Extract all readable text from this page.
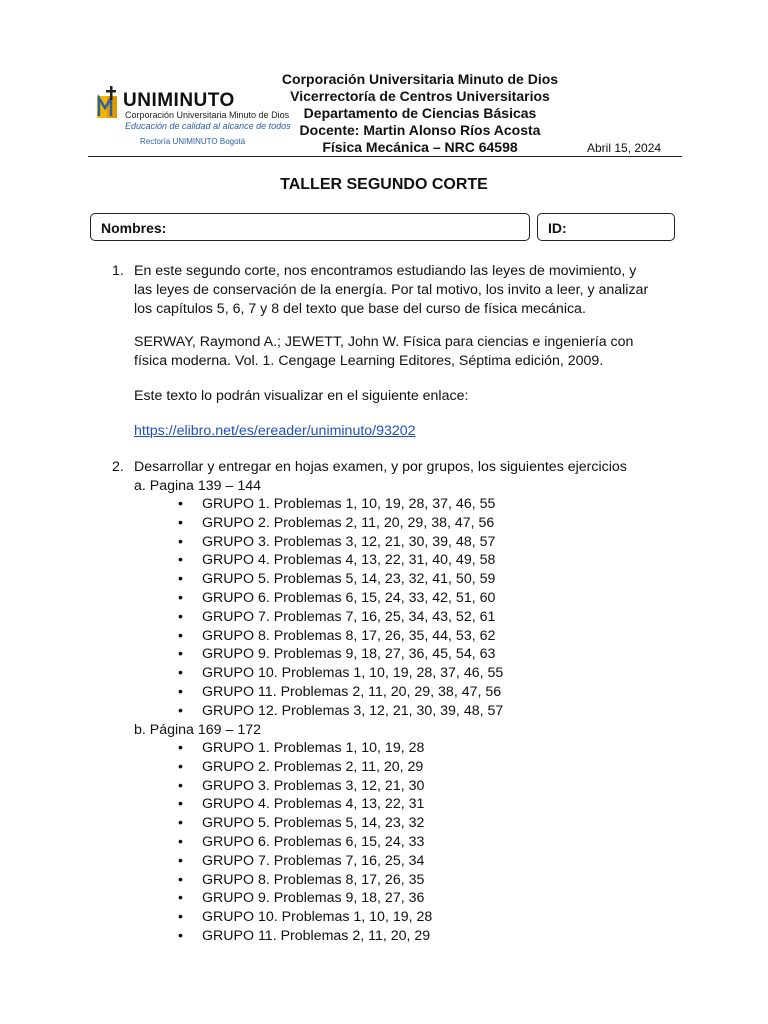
UNIMINUTO
Corporación Universitaria Minuto de Dios
Educación de calidad al alcance de todos
Rectoría UNIMINUTO Bogotá
Corporación Universitaria Minuto de Dios
Vicerrectoría de Centros Universitarios
Departamento de Ciencias Básicas
Docente: Martin Alonso Ríos Acosta
Física Mecánica – NRC 64598	Abril 15, 2024
TALLER SEGUNDO CORTE
Nombres:	ID:
1. En este segundo corte, nos encontramos estudiando las leyes de movimiento, y
las leyes de conservación de la energía. Por tal motivo, los invito a leer, y analizar
los capítulos 5, 6, 7 y 8 del texto que base del curso de física mecánica.
SERWAY, Raymond A.; JEWETT, John W. Física para ciencias e ingeniería con
física moderna. Vol. 1. Cengage Learning Editores, Séptima edición, 2009.
Este texto lo podrán visualizar en el siguiente enlace:
https://elibro.net/es/ereader/uniminuto/93202
2. Desarrollar y entregar en hojas examen, y por grupos, los siguientes ejercicios
a. Pagina 139 – 144
• GRUPO 1. Problemas 1, 10, 19, 28, 37, 46, 55
• GRUPO 2. Problemas 2, 11, 20, 29, 38, 47, 56
• GRUPO 3. Problemas 3, 12, 21, 30, 39, 48, 57
• GRUPO 4. Problemas 4, 13, 22, 31, 40, 49, 58
• GRUPO 5. Problemas 5, 14, 23, 32, 41, 50, 59
• GRUPO 6. Problemas 6, 15, 24, 33, 42, 51, 60
• GRUPO 7. Problemas 7, 16, 25, 34, 43, 52, 61
• GRUPO 8. Problemas 8, 17, 26, 35, 44, 53, 62
• GRUPO 9. Problemas 9, 18, 27, 36, 45, 54, 63
• GRUPO 10. Problemas 1, 10, 19, 28, 37, 46, 55
• GRUPO 11. Problemas 2, 11, 20, 29, 38, 47, 56
• GRUPO 12. Problemas 3, 12, 21, 30, 39, 48, 57
b. Página 169 – 172
• GRUPO 1. Problemas 1, 10, 19, 28
• GRUPO 2. Problemas 2, 11, 20, 29
• GRUPO 3. Problemas 3, 12, 21, 30
• GRUPO 4. Problemas 4, 13, 22, 31
• GRUPO 5. Problemas 5, 14, 23, 32
• GRUPO 6. Problemas 6, 15, 24, 33
• GRUPO 7. Problemas 7, 16, 25, 34
• GRUPO 8. Problemas 8, 17, 26, 35
• GRUPO 9. Problemas 9, 18, 27, 36
• GRUPO 10. Problemas 1, 10, 19, 28
• GRUPO 11. Problemas 2, 11, 20, 29
